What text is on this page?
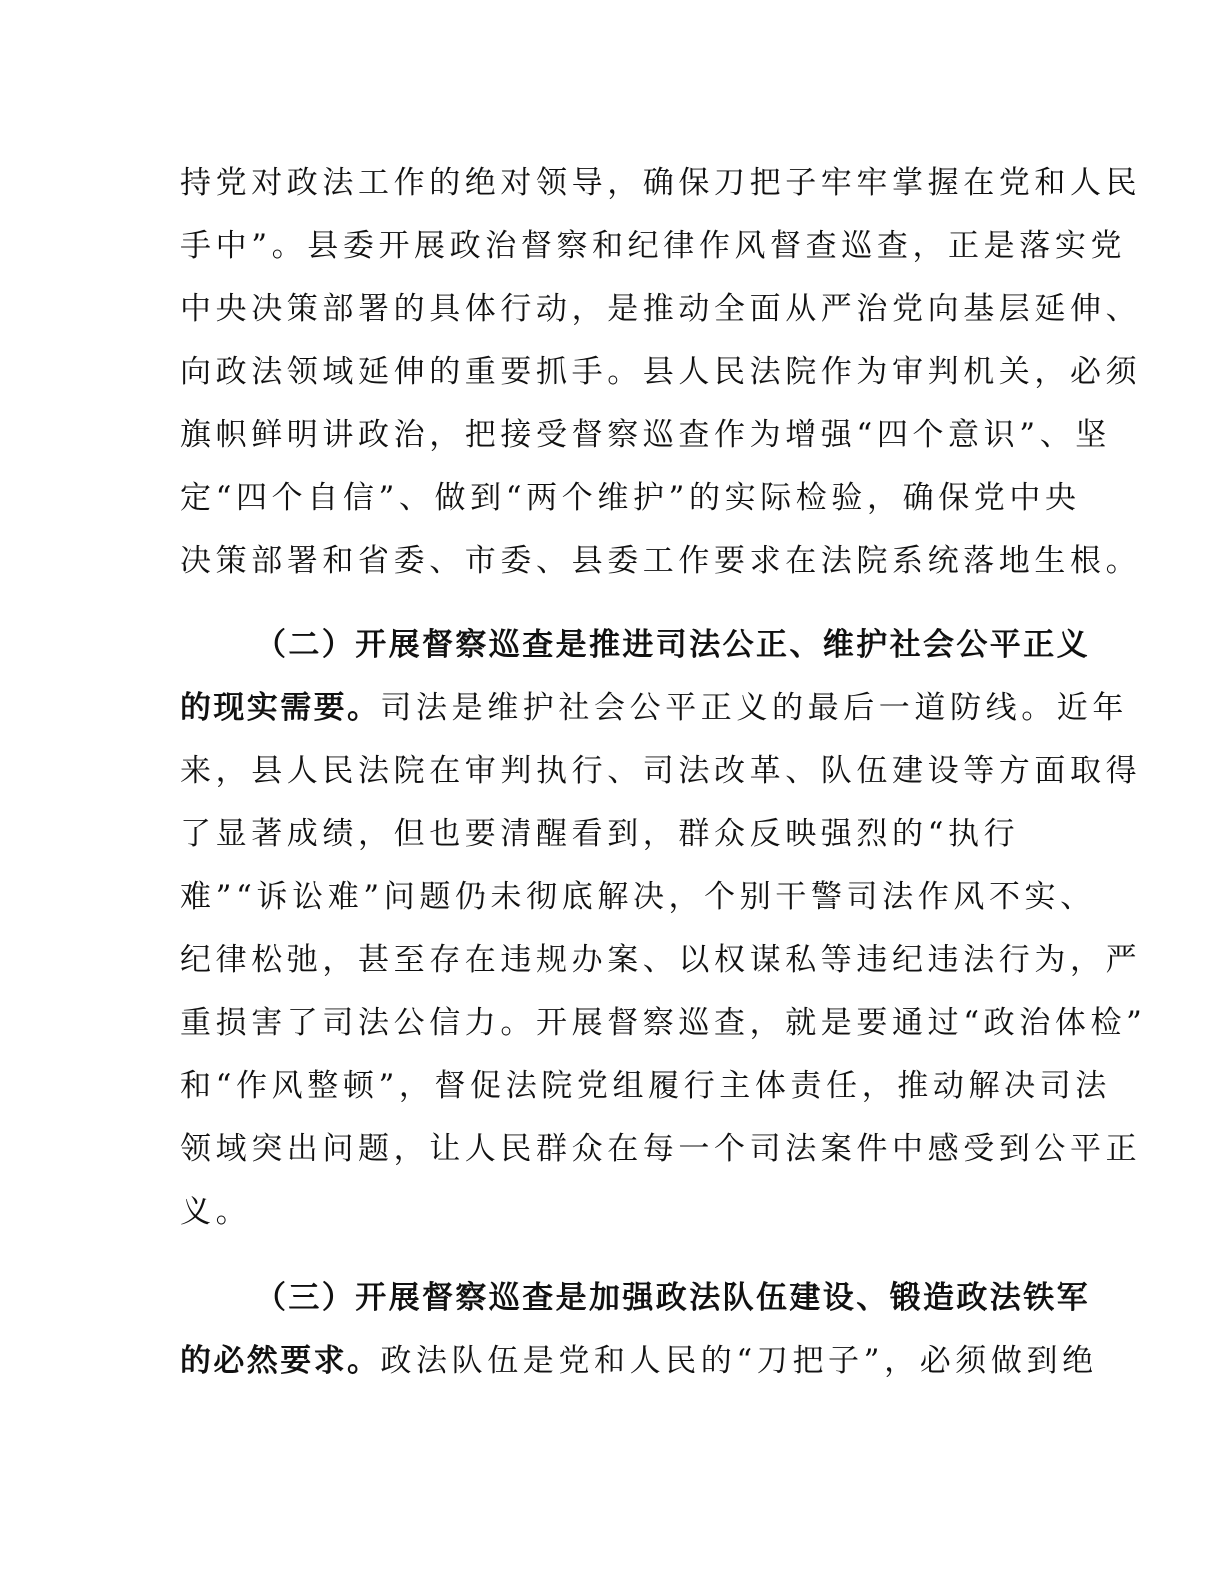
持党对政法工作的绝对领导，确保刀把子牢牢掌握在党和人民
手中”。县委开展政治督察和纪律作风督查巡查，正是落实党
中央决策部署的具体行动，是推动全面从严治党向基层延伸、
向政法领域延伸的重要抓手。县人民法院作为审判机关，必须
旗帜鲜明讲政治，把接受督察巡查作为增强“四个意识”、坚
定“四个自信”、做到“两个维护”的实际检验，确保党中央
决策部署和省委、市委、县委工作要求在法院系统落地生根。
（二）开展督察巡查是推进司法公正、维护社会公平正义
的现实需要。司法是维护社会公平正义的最后一道防线。近年
来，县人民法院在审判执行、司法改革、队伍建设等方面取得
了显著成绩，但也要清醒看到，群众反映强烈的“执行
难”“诉讼难”问题仍未彻底解决，个别干警司法作风不实、
纪律松弛，甚至存在违规办案、以权谋私等违纪违法行为，严
重损害了司法公信力。开展督察巡查，就是要通过“政治体检”
和“作风整顿”，督促法院党组履行主体责任，推动解决司法
领域突出问题，让人民群众在每一个司法案件中感受到公平正
义。
（三）开展督察巡查是加强政法队伍建设、锻造政法铁军
的必然要求。政法队伍是党和人民的“刀把子”，必须做到绝
